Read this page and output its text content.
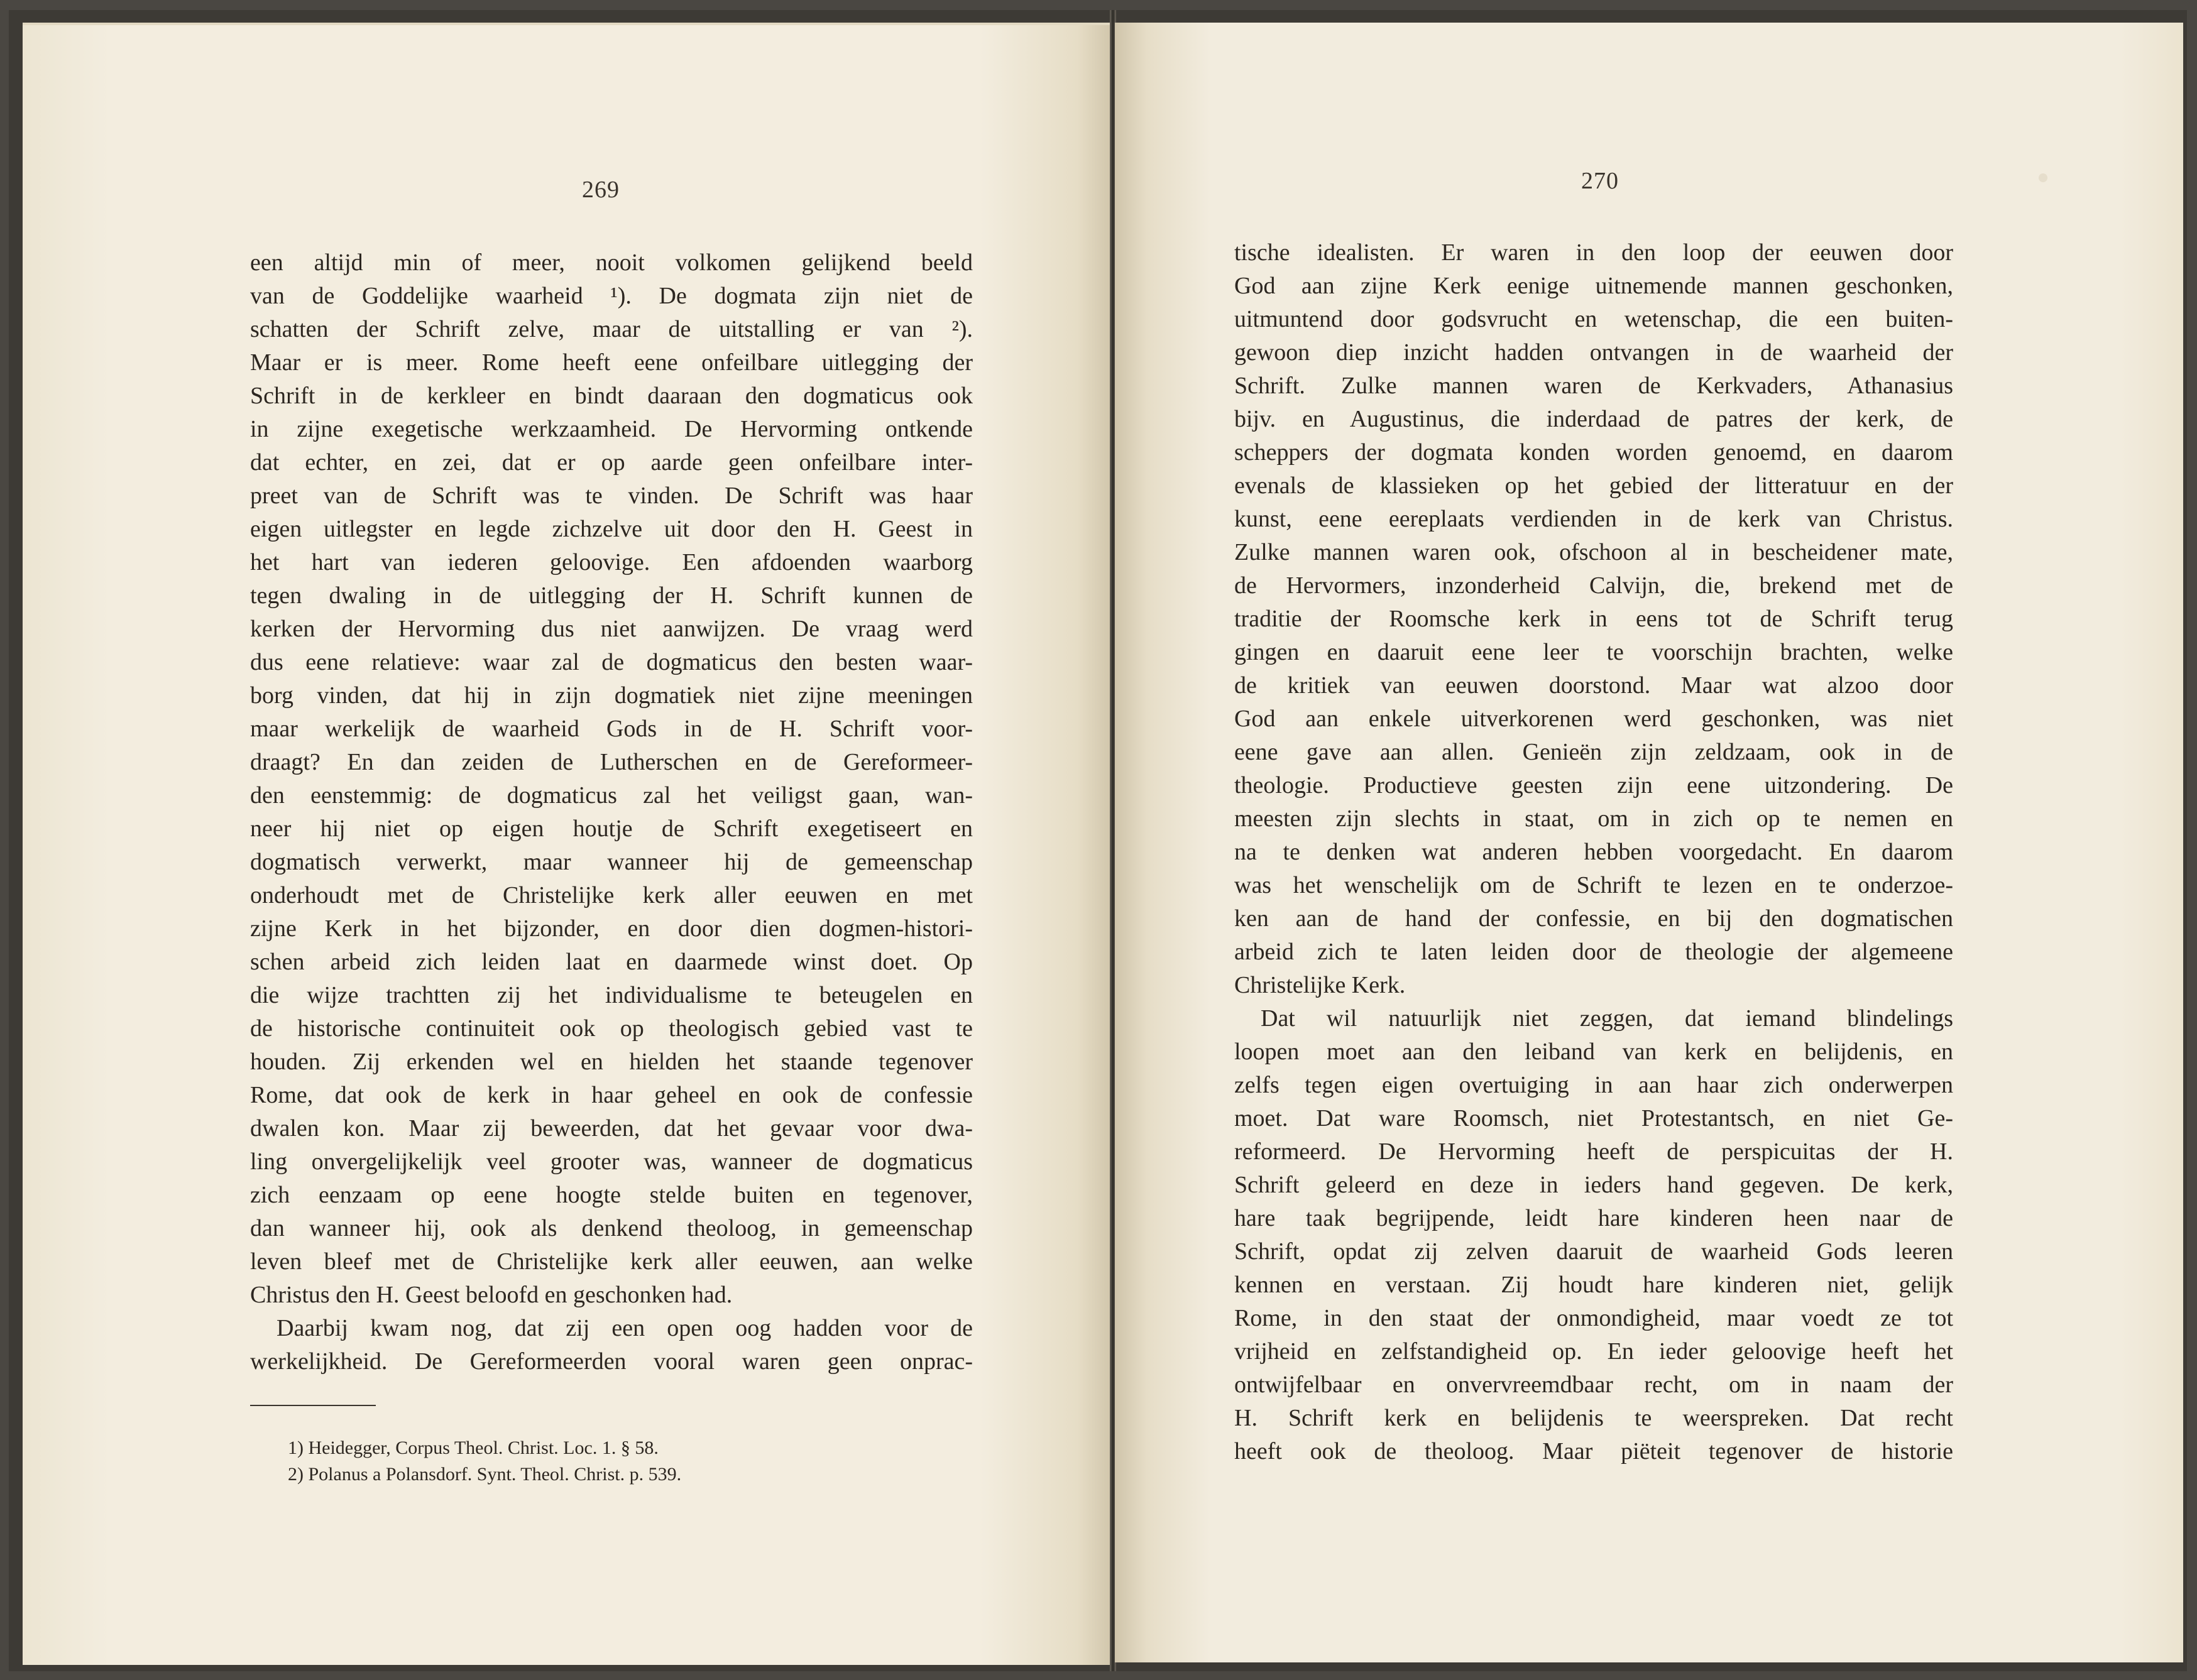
269
een altijd min of meer, nooit volkomen gelijkend beeld
van de Goddelijke waarheid ¹). De dogmata zijn niet de
schatten der Schrift zelve, maar de uitstalling er van ²).
Maar er is meer. Rome heeft eene onfeilbare uitlegging der
Schrift in de kerkleer en bindt daaraan den dogmaticus ook
in zijne exegetische werkzaamheid. De Hervorming ontkende
dat echter, en zei, dat er op aarde geen onfeilbare inter-
preet van de Schrift was te vinden. De Schrift was haar
eigen uitlegster en legde zichzelve uit door den H. Geest in
het hart van iederen geloovige. Een afdoenden waarborg
tegen dwaling in de uitlegging der H. Schrift kunnen de
kerken der Hervorming dus niet aanwijzen. De vraag werd
dus eene relatieve: waar zal de dogmaticus den besten waar-
borg vinden, dat hij in zijn dogmatiek niet zijne meeningen
maar werkelijk de waarheid Gods in de H. Schrift voor-
draagt? En dan zeiden de Lutherschen en de Gereformeer-
den eenstemmig: de dogmaticus zal het veiligst gaan, wan-
neer hij niet op eigen houtje de Schrift exegetiseert en
dogmatisch verwerkt, maar wanneer hij de gemeenschap
onderhoudt met de Christelijke kerk aller eeuwen en met
zijne Kerk in het bijzonder, en door dien dogmen-histori-
schen arbeid zich leiden laat en daarmede winst doet. Op
die wijze trachtten zij het individualisme te beteugelen en
de historische continuiteit ook op theologisch gebied vast te
houden. Zij erkenden wel en hielden het staande tegenover
Rome, dat ook de kerk in haar geheel en ook de confessie
dwalen kon. Maar zij beweerden, dat het gevaar voor dwa-
ling onvergelijkelijk veel grooter was, wanneer de dogmaticus
zich eenzaam op eene hoogte stelde buiten en tegenover,
dan wanneer hij, ook als denkend theoloog, in gemeenschap
leven bleef met de Christelijke kerk aller eeuwen, aan welke
Christus den H. Geest beloofd en geschonken had.
Daarbij kwam nog, dat zij een open oog hadden voor de
werkelijkheid. De Gereformeerden vooral waren geen onprac-
1) Heidegger, Corpus Theol. Christ. Loc. 1. § 58.
2) Polanus a Polansdorf. Synt. Theol. Christ. p. 539.
270
tische idealisten. Er waren in den loop der eeuwen door
God aan zijne Kerk eenige uitnemende mannen geschonken,
uitmuntend door godsvrucht en wetenschap, die een buiten-
gewoon diep inzicht hadden ontvangen in de waarheid der
Schrift. Zulke mannen waren de Kerkvaders, Athanasius
bijv. en Augustinus, die inderdaad de patres der kerk, de
scheppers der dogmata konden worden genoemd, en daarom
evenals de klassieken op het gebied der litteratuur en der
kunst, eene eereplaats verdienden in de kerk van Christus.
Zulke mannen waren ook, ofschoon al in bescheidener mate,
de Hervormers, inzonderheid Calvijn, die, brekend met de
traditie der Roomsche kerk in eens tot de Schrift terug
gingen en daaruit eene leer te voorschijn brachten, welke
de kritiek van eeuwen doorstond. Maar wat alzoo door
God aan enkele uitverkorenen werd geschonken, was niet
eene gave aan allen. Genieën zijn zeldzaam, ook in de
theologie. Productieve geesten zijn eene uitzondering. De
meesten zijn slechts in staat, om in zich op te nemen en
na te denken wat anderen hebben voorgedacht. En daarom
was het wenschelijk om de Schrift te lezen en te onderzoe-
ken aan de hand der confessie, en bij den dogmatischen
arbeid zich te laten leiden door de theologie der algemeene
Christelijke Kerk.
Dat wil natuurlijk niet zeggen, dat iemand blindelings
loopen moet aan den leiband van kerk en belijdenis, en
zelfs tegen eigen overtuiging in aan haar zich onderwerpen
moet. Dat ware Roomsch, niet Protestantsch, en niet Ge-
reformeerd. De Hervorming heeft de perspicuitas der H.
Schrift geleerd en deze in ieders hand gegeven. De kerk,
hare taak begrijpende, leidt hare kinderen heen naar de
Schrift, opdat zij zelven daaruit de waarheid Gods leeren
kennen en verstaan. Zij houdt hare kinderen niet, gelijk
Rome, in den staat der onmondigheid, maar voedt ze tot
vrijheid en zelfstandigheid op. En ieder geloovige heeft het
ontwijfelbaar en onvervreemdbaar recht, om in naam der
H. Schrift kerk en belijdenis te weerspreken. Dat recht
heeft ook de theoloog. Maar piëteit tegenover de historie
